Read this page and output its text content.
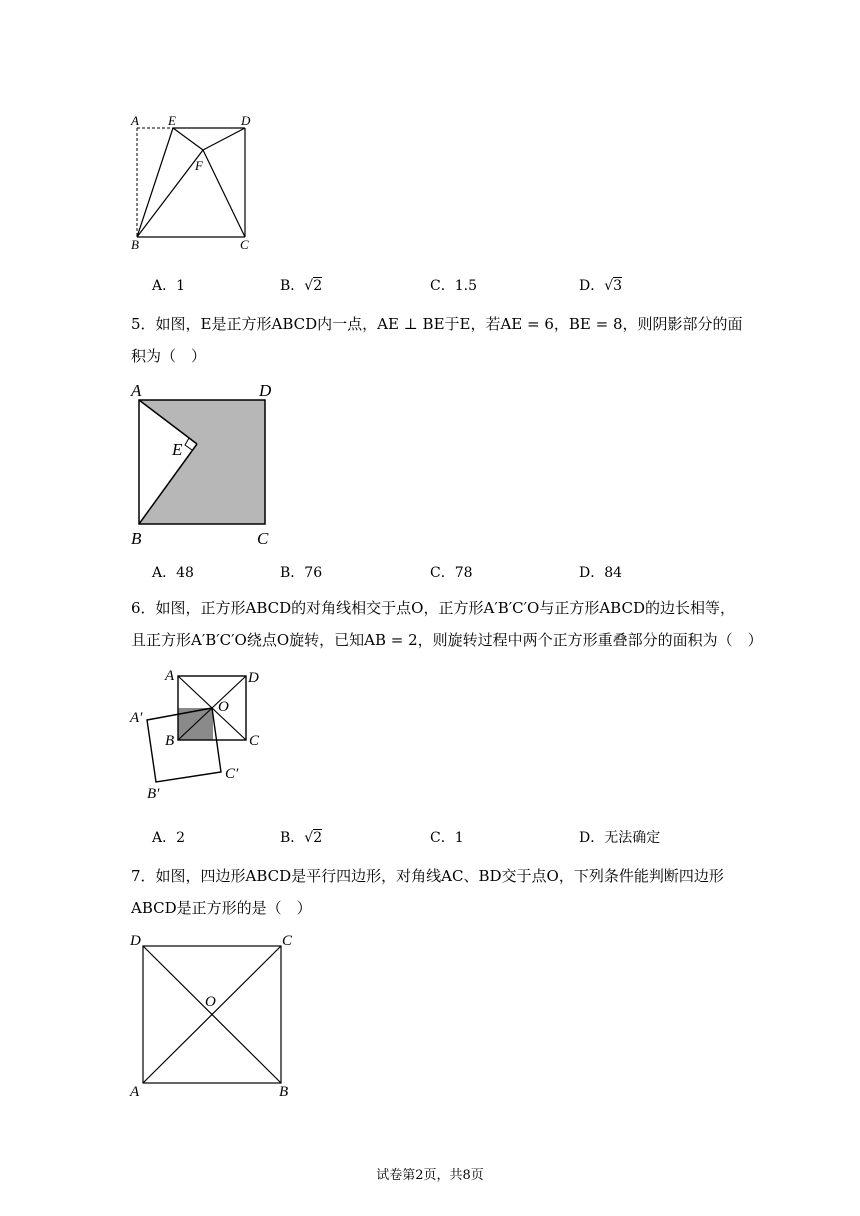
A E	D
F
B	C
A．1	B．√2	C．1.5	D．√3
5．如图，E是正方形ABCD内一点，AE ⊥ BE于E，若AE = 6，BE = 8，则阴影部分的面
积为（　）
A	D
E
B	C
A．48	B．76	C．78	D．84
6．如图，正方形ABCD的对角线相交于点O，正方形A′B′C′O与正方形ABCD的边长相等，
且正方形A′B′C′O绕点O旋转，已知AB = 2，则旋转过程中两个正方形重叠部分的面积为（　）
A	D
O
A′
B	C
C′
B′
A．2	B．√2	C．1	D．无法确定
7．如图，四边形ABCD是平行四边形，对角线AC、BD交于点O，下列条件能判断四边形
ABCD是正方形的是（　）
D	C
O
A	B
试卷第2页，共8页
